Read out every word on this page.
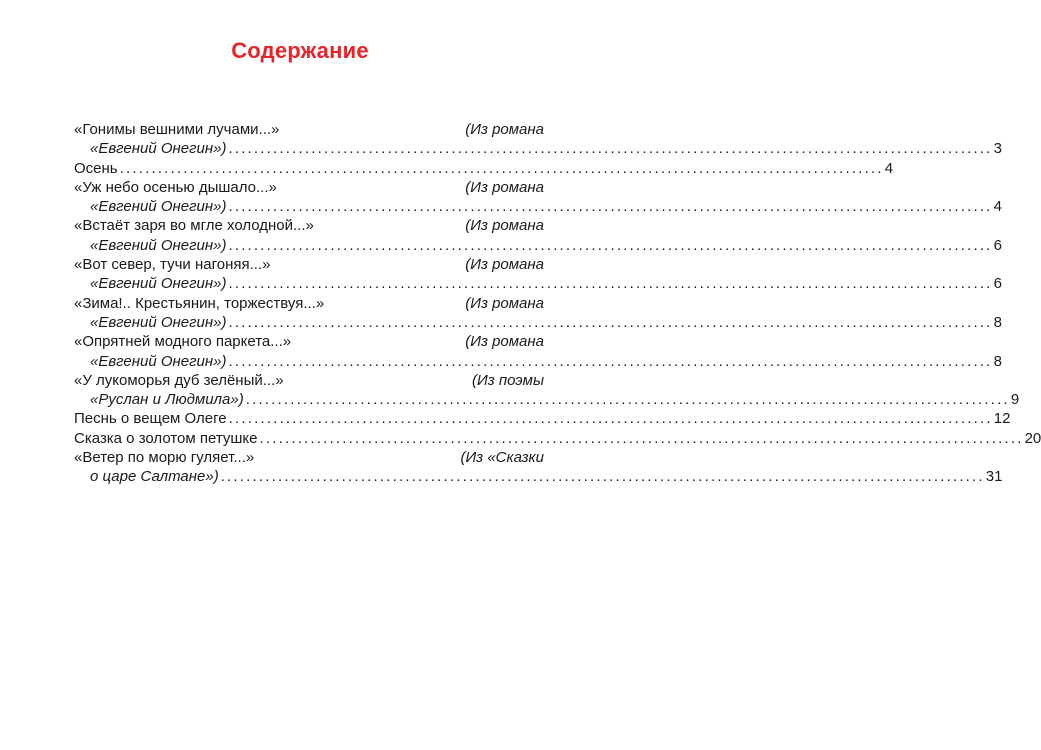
Содержание
«Гонимы вешними лучами...»	(Из романа
«Евгений Онегин») ........................................................................................................................ 3
Осень ........................................................................................................................ 4
«Уж небо осенью дышало...»	(Из романа
«Евгений Онегин») ........................................................................................................................ 4
«Встаёт заря во мгле холодной...»	(Из романа
«Евгений Онегин») ........................................................................................................................ 6
«Вот север, тучи нагоняя...»	(Из романа
«Евгений Онегин») ........................................................................................................................ 6
«Зима!.. Крестьянин, торжествуя...»	(Из романа
«Евгений Онегин») ........................................................................................................................ 8
«Опрятней модного паркета...»	(Из романа
«Евгений Онегин») ........................................................................................................................ 8
«У лукоморья дуб зелёный...»	(Из поэмы
«Руслан и Людмила») ........................................................................................................................ 9
Песнь о вещем Олеге ........................................................................................................................ 12
Сказка о золотом петушке ........................................................................................................................ 20
«Ветер по морю гуляет...»	(Из «Сказки
о царе Салтане») ........................................................................................................................ 31
